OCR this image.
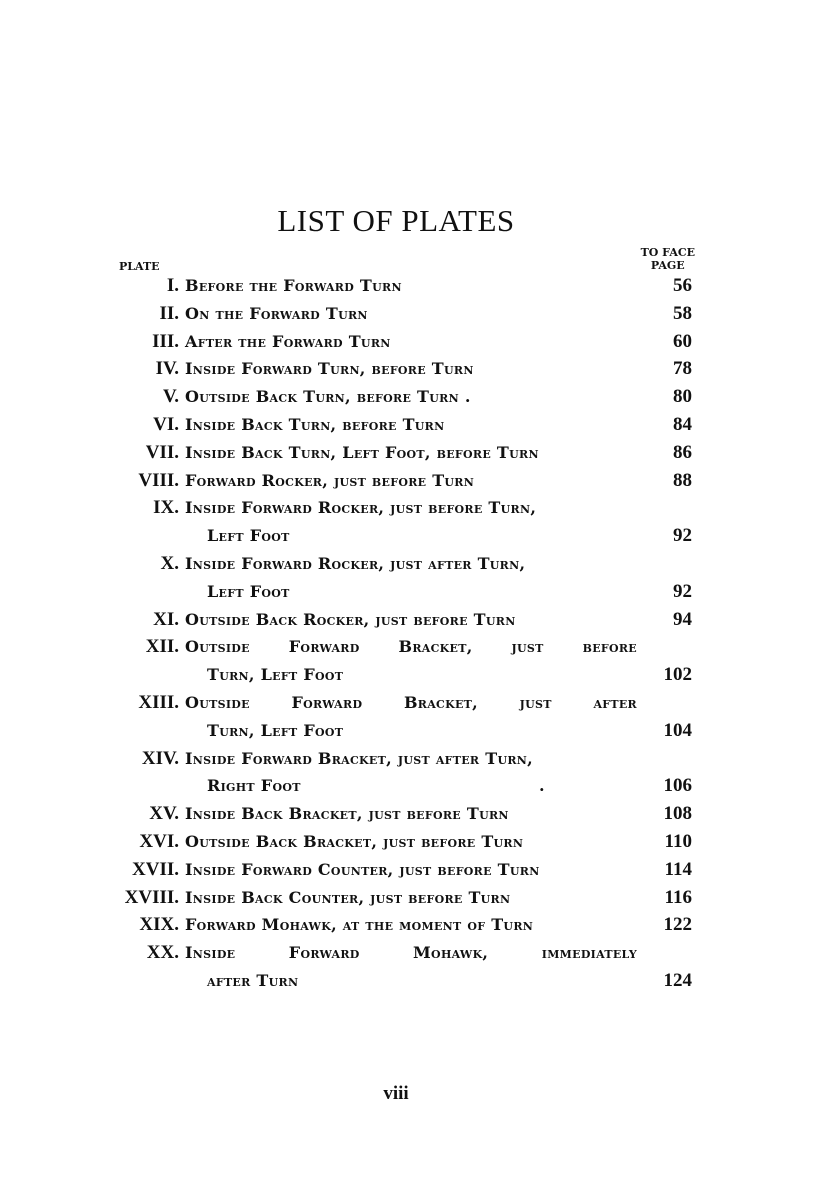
LIST OF PLATES
PLATE
TO FACE
PAGE
I. Before the Forward Turn	56
II. On the Forward Turn	58
III. After the Forward Turn	60
IV. Inside Forward Turn, before Turn	78
V. Outside Back Turn, before Turn .	80
VI. Inside Back Turn, before Turn	84
VII. Inside Back Turn, Left Foot, before Turn	86
VIII. Forward Rocker, just before Turn	88
IX. Inside Forward Rocker, just before Turn,
Left Foot	92
X. Inside Forward Rocker, just after Turn,
Left Foot	92
XI. Outside Back Rocker, just before Turn	94
XII. Outside Forward Bracket, just before
Turn, Left Foot	102
XIII. Outside Forward Bracket, just after
Turn, Left Foot	104
XIV. Inside Forward Bracket, just after Turn,
Right Foot	.	106
XV. Inside Back Bracket, just before Turn	108
XVI. Outside Back Bracket, just before Turn	110
XVII. Inside Forward Counter, just before Turn	114
XVIII. Inside Back Counter, just before Turn	116
XIX. Forward Mohawk, at the moment of Turn	122
XX. Inside Forward Mohawk, immediately
after Turn	124
viii
